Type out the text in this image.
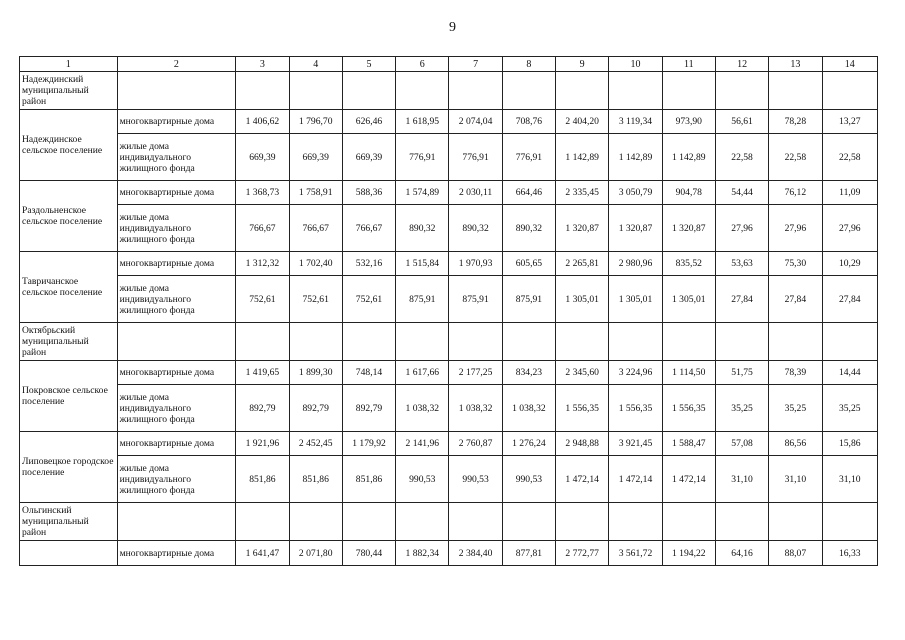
9
1	2	3	4	5	6	7	8	9	10	11	12	13	14
Надеждинский муниципальный район													
Надеждинское сельское поселение	многоквартирные дома	1 406,62	1 796,70	626,46	1 618,95	2 074,04	708,76	2 404,20	3 119,34	973,90	56,61	78,28	13,27
	жилые дома индивидуального жилищного фонда	669,39	669,39	669,39	776,91	776,91	776,91	1 142,89	1 142,89	1 142,89	22,58	22,58	22,58
Раздольненское сельское поселение	многоквартирные дома	1 368,73	1 758,91	588,36	1 574,89	2 030,11	664,46	2 335,45	3 050,79	904,78	54,44	76,12	11,09
	жилые дома индивидуального жилищного фонда	766,67	766,67	766,67	890,32	890,32	890,32	1 320,87	1 320,87	1 320,87	27,96	27,96	27,96
Тавричанское сельское поселение	многоквартирные дома	1 312,32	1 702,40	532,16	1 515,84	1 970,93	605,65	2 265,81	2 980,96	835,52	53,63	75,30	10,29
	жилые дома индивидуального жилищного фонда	752,61	752,61	752,61	875,91	875,91	875,91	1 305,01	1 305,01	1 305,01	27,84	27,84	27,84
Октябрьский муниципальный район													
Покровское сельское поселение	многоквартирные дома	1 419,65	1 899,30	748,14	1 617,66	2 177,25	834,23	2 345,60	3 224,96	1 114,50	51,75	78,39	14,44
	жилые дома индивидуального жилищного фонда	892,79	892,79	892,79	1 038,32	1 038,32	1 038,32	1 556,35	1 556,35	1 556,35	35,25	35,25	35,25
Липовецкое городское поселение	многоквартирные дома	1 921,96	2 452,45	1 179,92	2 141,96	2 760,87	1 276,24	2 948,88	3 921,45	1 588,47	57,08	86,56	15,86
	жилые дома индивидуального жилищного фонда	851,86	851,86	851,86	990,53	990,53	990,53	1 472,14	1 472,14	1 472,14	31,10	31,10	31,10
Ольгинский муниципальный район													
	многоквартирные дома	1 641,47	2 071,80	780,44	1 882,34	2 384,40	877,81	2 772,77	3 561,72	1 194,22	64,16	88,07	16,33
